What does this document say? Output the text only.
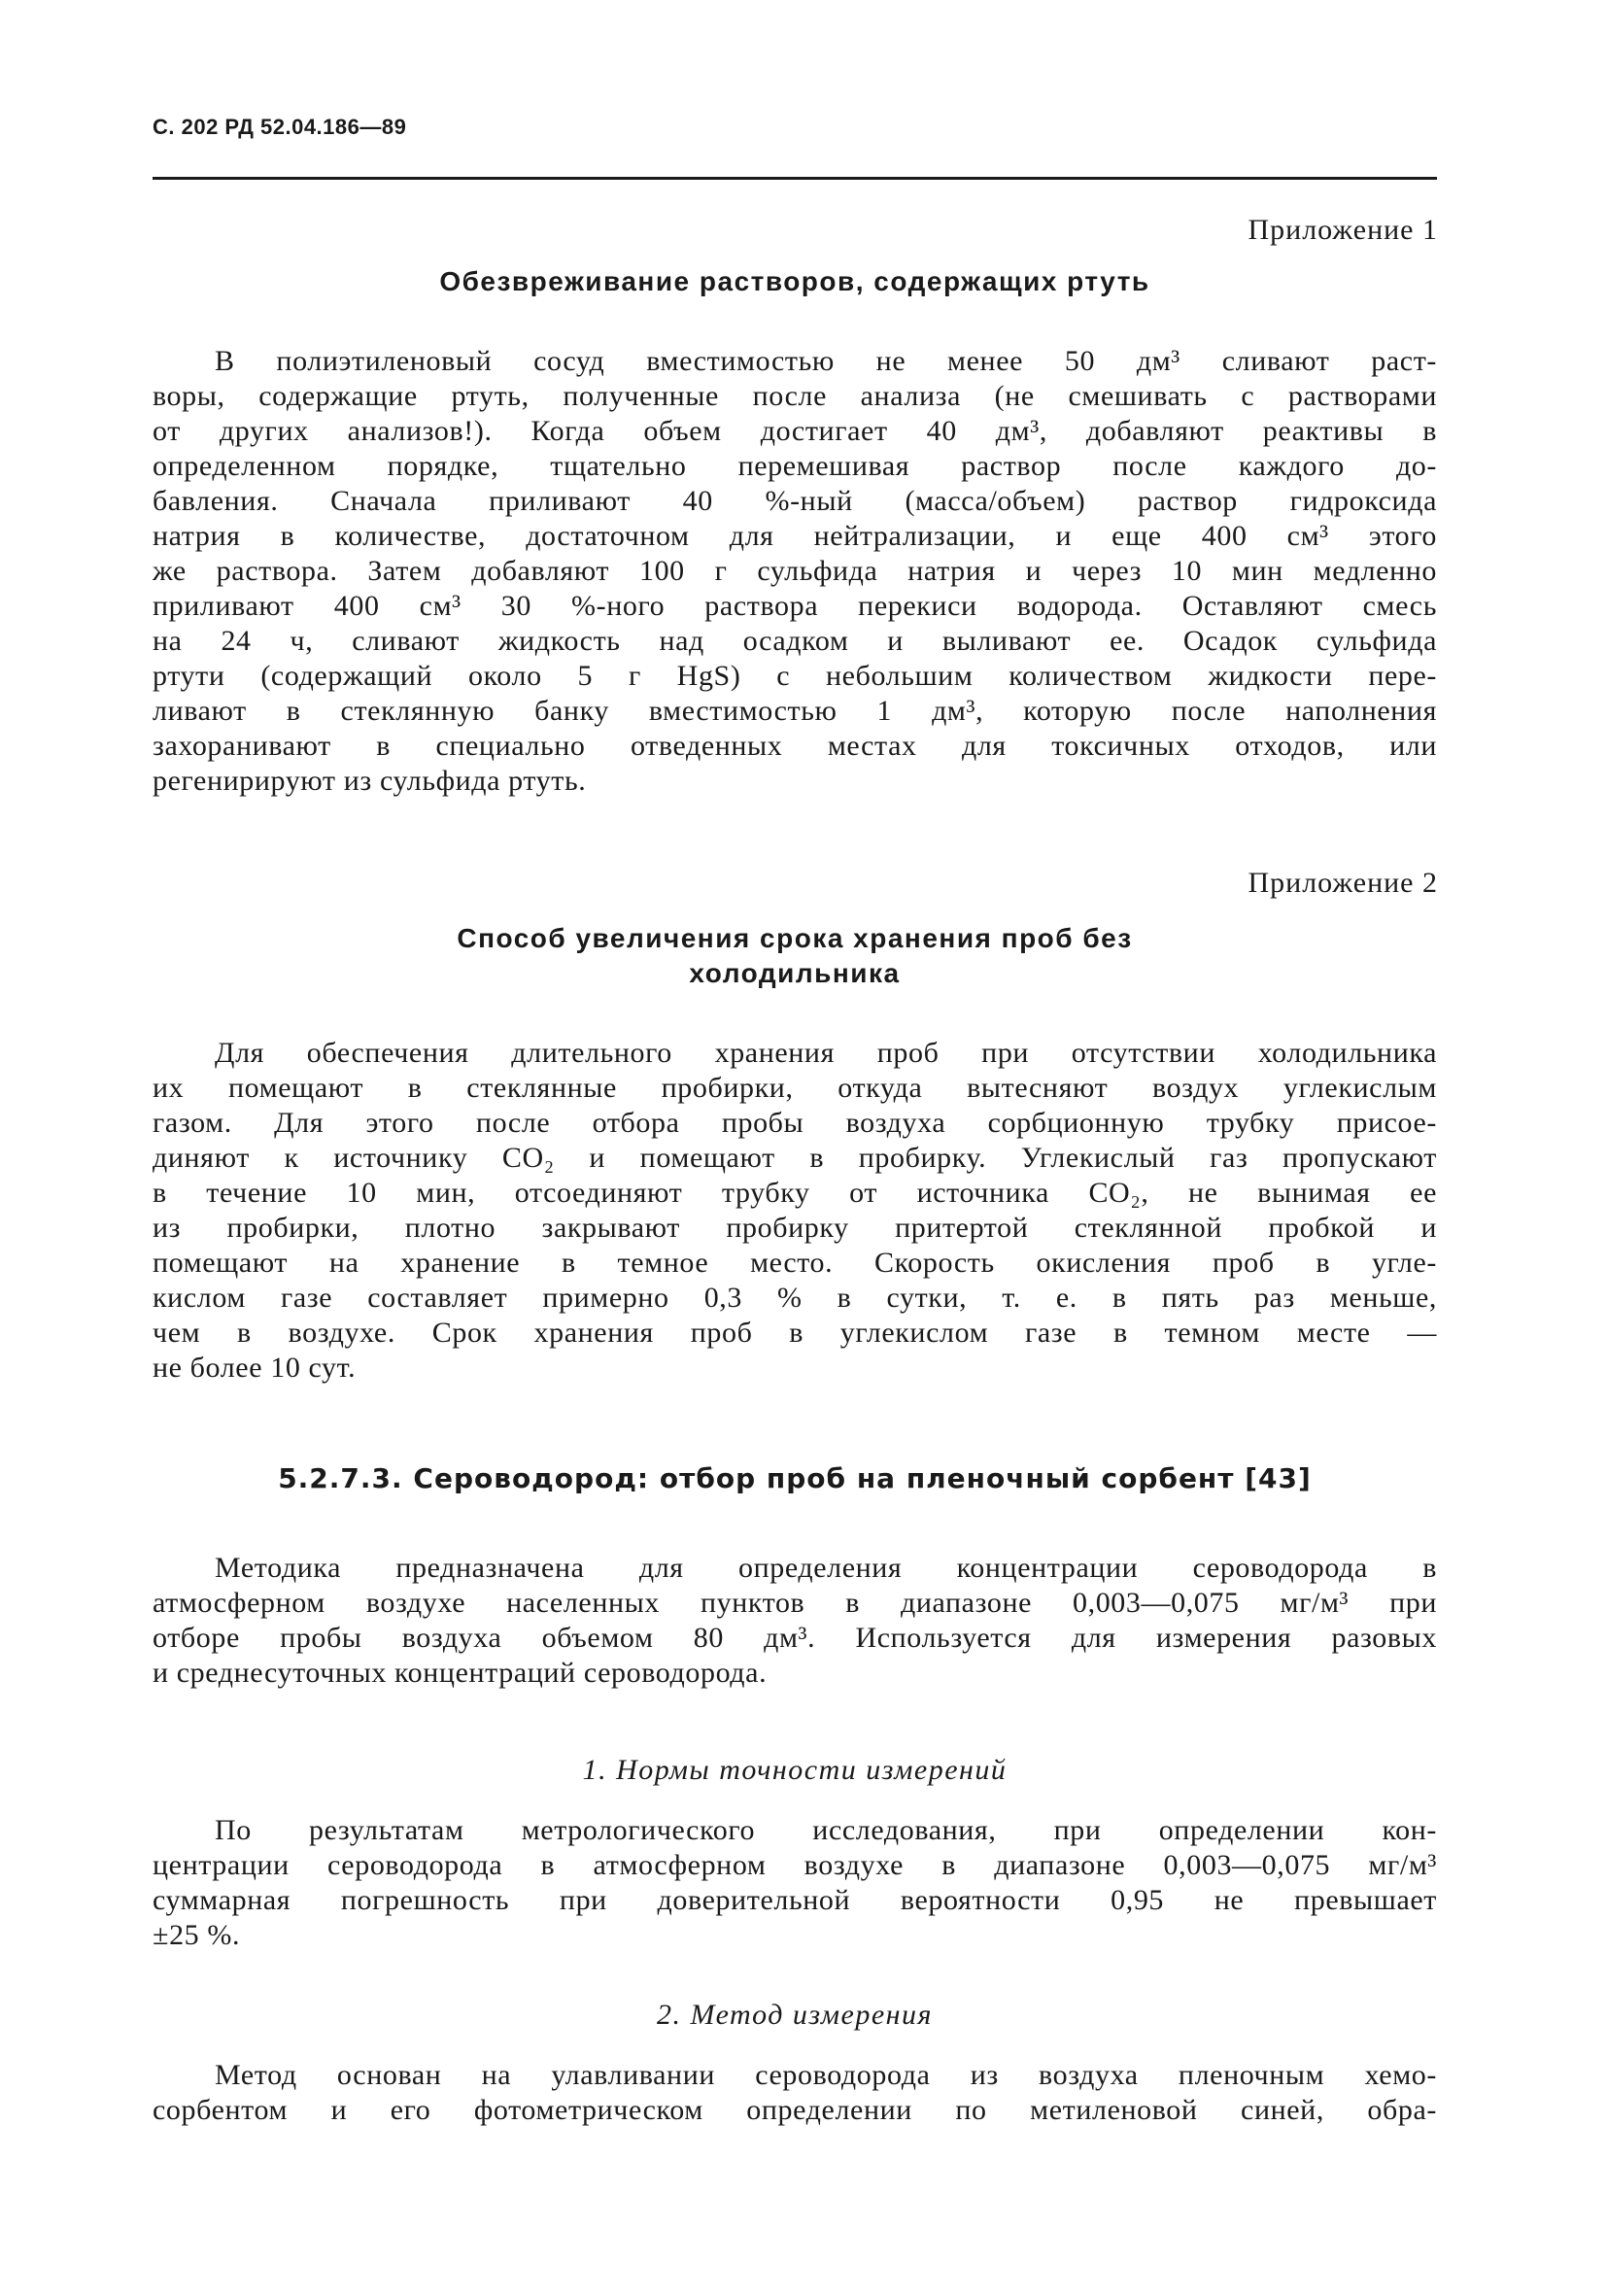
С. 202 РД 52.04.186—89
Приложение 1
Обезвреживание растворов, содержащих ртуть
В полиэтиленовый сосуд вместимостью не менее 50 дм³ сливают раст-
воры, содержащие ртуть, полученные после анализа (не смешивать с растворами
от других анализов!). Когда объем достигает 40 дм³, добавляют реактивы в
определенном порядке, тщательно перемешивая раствор после каждого до-
бавления. Сначала приливают 40 %-ный (масса/объем) раствор гидроксида
натрия в количестве, достаточном для нейтрализации, и еще 400 см³ этого
же раствора. Затем добавляют 100 г сульфида натрия и через 10 мин медленно
приливают 400 см³ 30 %-ного раствора перекиси водорода. Оставляют смесь
на 24 ч, сливают жидкость над осадком и выливают ее. Осадок сульфида
ртути (содержащий около 5 г HgS) с небольшим количеством жидкости пере-
ливают в стеклянную банку вместимостью 1 дм³, которую после наполнения
захоранивают в специально отведенных местах для токсичных отходов, или
регенирируют из сульфида ртуть.
Приложение 2
Способ увеличения срока хранения проб без
холодильника
Для обеспечения длительного хранения проб при отсутствии холодильника
их помещают в стеклянные пробирки, откуда вытесняют воздух углекислым
газом. Для этого после отбора пробы воздуха сорбционную трубку присое-
диняют к источнику CO₂ и помещают в пробирку. Углекислый газ пропускают
в течение 10 мин, отсоединяют трубку от источника CO₂, не вынимая ее
из пробирки, плотно закрывают пробирку притертой стеклянной пробкой и
помещают на хранение в темное место. Скорость окисления проб в угле-
кислом газе составляет примерно 0,3 % в сутки, т. е. в пять раз меньше,
чем в воздухе. Срок хранения проб в углекислом газе в темном месте —
не более 10 сут.
5.2.7.3. Сероводород: отбор проб на пленочный сорбент [43]
Методика предназначена для определения концентрации сероводорода в
атмосферном воздухе населенных пунктов в диапазоне 0,003—0,075 мг/м³ при
отборе пробы воздуха объемом 80 дм³. Используется для измерения разовых
и среднесуточных концентраций сероводорода.
1. Нормы точности измерений
По результатам метрологического исследования, при определении кон-
центрации сероводорода в атмосферном воздухе в диапазоне 0,003—0,075 мг/м³
суммарная погрешность при доверительной вероятности 0,95 не превышает
±25 %.
2. Метод измерения
Метод основан на улавливании сероводорода из воздуха пленочным хемо-
сорбентом и его фотометрическом определении по метиленовой синей, обра-
